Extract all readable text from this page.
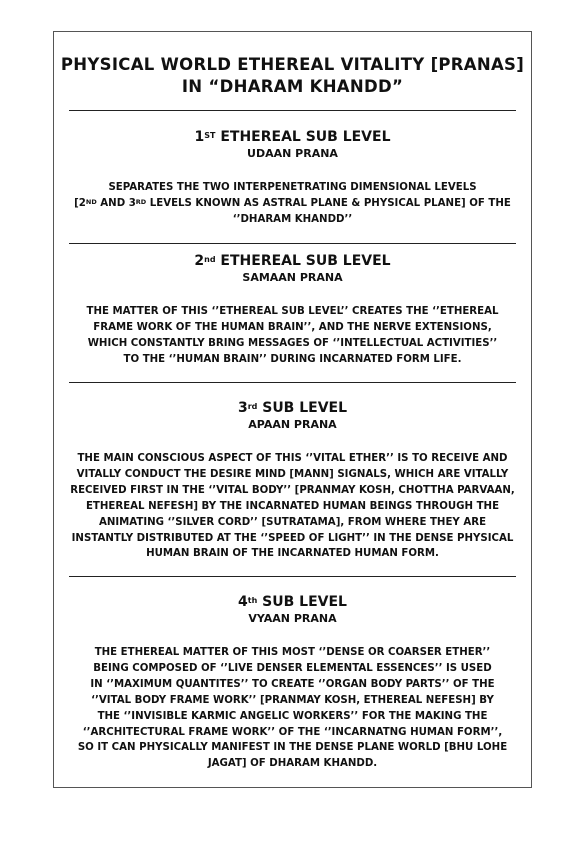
PHYSICAL WORLD ETHEREAL VITALITY [PRANAS]
IN “DHARAM KHANDD”
1ST ETHEREAL SUB LEVEL
UDAAN PRANA
SEPARATES THE TWO INTERPENETRATING DIMENSIONAL LEVELS
[2ND AND 3RD LEVELS KNOWN AS ASTRAL PLANE & PHYSICAL PLANE] OF THE
‘’DHARAM KHANDD’’
2nd ETHEREAL SUB LEVEL
SAMAAN PRANA
THE MATTER OF THIS ‘’ETHEREAL SUB LEVEL’’ CREATES THE ‘’ETHEREAL
FRAME WORK OF THE HUMAN BRAIN’’, AND THE NERVE EXTENSIONS,
WHICH CONSTANTLY BRING MESSAGES OF ‘’INTELLECTUAL ACTIVITIES’’
TO THE ‘’HUMAN BRAIN’’ DURING INCARNATED FORM LIFE.
3rd SUB LEVEL
APAAN PRANA
THE MAIN CONSCIOUS ASPECT OF THIS ‘’VITAL ETHER’’ IS TO RECEIVE AND
VITALLY CONDUCT THE DESIRE MIND [MANN] SIGNALS, WHICH ARE VITALLY
RECEIVED FIRST IN THE ‘’VITAL BODY’’ [PRANMAY KOSH, CHOTTHA PARVAAN,
ETHEREAL NEFESH] BY THE INCARNATED HUMAN BEINGS THROUGH THE
ANIMATING ‘’SILVER CORD’’ [SUTRATAMA], FROM WHERE THEY ARE
INSTANTLY DISTRIBUTED AT THE ‘’SPEED OF LIGHT’’ IN THE DENSE PHYSICAL
HUMAN BRAIN OF THE INCARNATED HUMAN FORM.
4th SUB LEVEL
VYAAN PRANA
THE ETHEREAL MATTER OF THIS MOST ‘’DENSE OR COARSER ETHER’’
BEING COMPOSED OF ‘’LIVE DENSER ELEMENTAL ESSENCES’’ IS USED
IN ‘’MAXIMUM QUANTITES’’ TO CREATE ‘’ORGAN BODY PARTS’’ OF THE
‘’VITAL BODY FRAME WORK’’ [PRANMAY KOSH, ETHEREAL NEFESH] BY
THE ‘’INVISIBLE KARMIC ANGELIC WORKERS’’ FOR THE MAKING THE
‘’ARCHITECTURAL FRAME WORK’’ OF THE ‘’INCARNATNG HUMAN FORM’’,
SO IT CAN PHYSICALLY MANIFEST IN THE DENSE PLANE WORLD [BHU LOHE
JAGAT] OF DHARAM KHANDD.
